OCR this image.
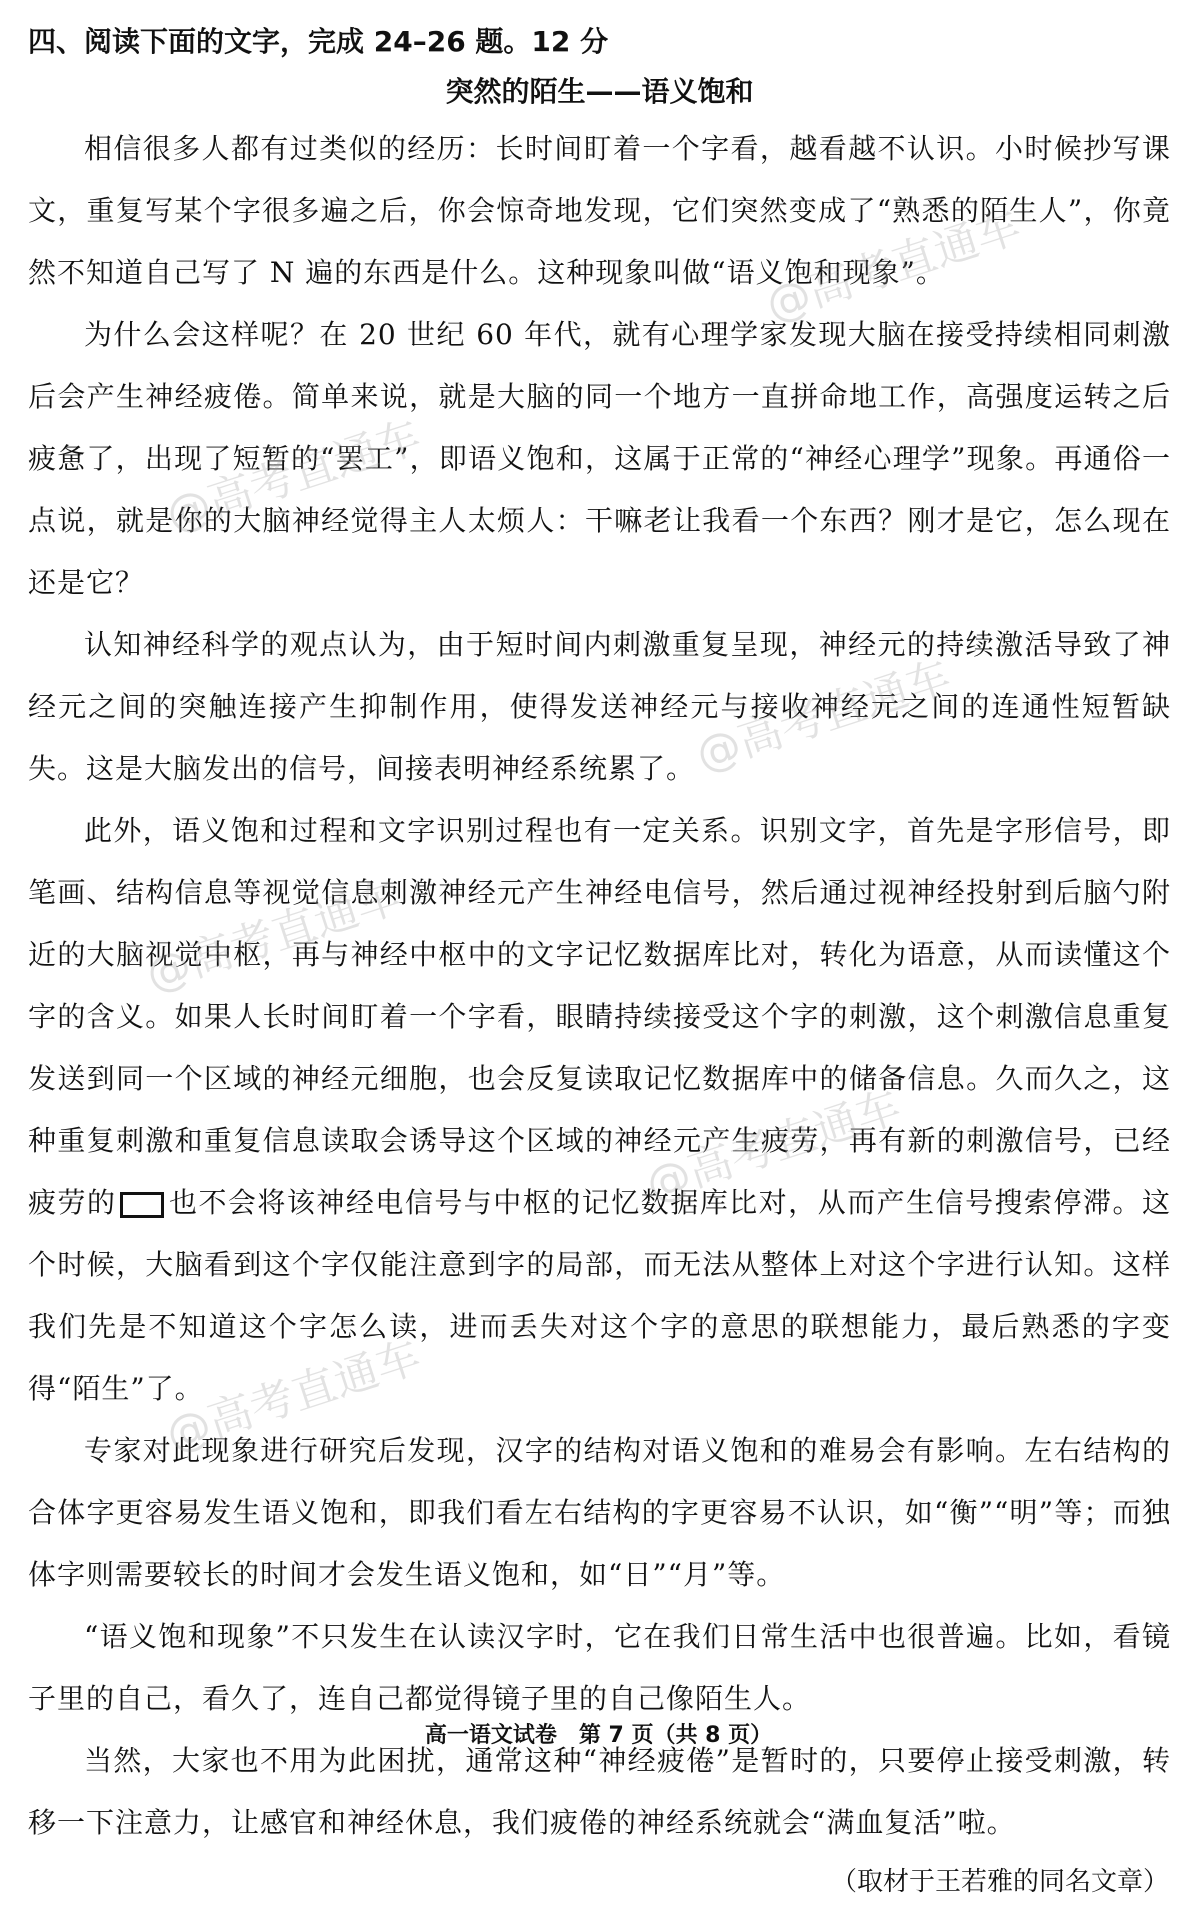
四、阅读下面的文字，完成 24–26 题。12 分

突然的陌生——语义饱和

相信很多人都有过类似的经历：长时间盯着一个字看，越看越不认识。小时候抄写课文，重复写某个字很多遍之后，你会惊奇地发现，它们突然变成了“熟悉的陌生人”，你竟然不知道自己写了 N 遍的东西是什么。这种现象叫做“语义饱和现象”。

为什么会这样呢？在 20 世纪 60 年代，就有心理学家发现大脑在接受持续相同刺激后会产生神经疲倦。简单来说，就是大脑的同一个地方一直拼命地工作，高强度运转之后疲惫了，出现了短暂的“罢工”，即语义饱和，这属于正常的“神经心理学”现象。再通俗一点说，就是你的大脑神经觉得主人太烦人：干嘛老让我看一个东西？刚才是它，怎么现在还是它？

认知神经科学的观点认为，由于短时间内刺激重复呈现，神经元的持续激活导致了神经元之间的突触连接产生抑制作用，使得发送神经元与接收神经元之间的连通性短暂缺失。这是大脑发出的信号，间接表明神经系统累了。

此外，语义饱和过程和文字识别过程也有一定关系。识别文字，首先是字形信号，即笔画、结构信息等视觉信息刺激神经元产生神经电信号，然后通过视神经投射到后脑勺附近的大脑视觉中枢，再与神经中枢中的文字记忆数据库比对，转化为语意，从而读懂这个字的含义。如果人长时间盯着一个字看，眼睛持续接受这个字的刺激，这个刺激信息重复发送到同一个区域的神经元细胞，也会反复读取记忆数据库中的储备信息。久而久之，这种重复刺激和重复信息读取会诱导这个区域的神经元产生疲劳，再有新的刺激信号，已经疲劳的 也不会将该神经电信号与中枢的记忆数据库比对，从而产生信号搜索停滞。这个时候，大脑看到这个字仅能注意到字的局部，而无法从整体上对这个字进行认知。这样我们先是不知道这个字怎么读，进而丢失对这个字的意思的联想能力，最后熟悉的字变得“陌生”了。

专家对此现象进行研究后发现，汉字的结构对语义饱和的难易会有影响。左右结构的合体字更容易发生语义饱和，即我们看左右结构的字更容易不认识，如“衡”“明”等；而独体字则需要较长的时间才会发生语义饱和，如“日”“月”等。

“语义饱和现象”不只发生在认读汉字时，它在我们日常生活中也很普遍。比如，看镜子里的自己，看久了，连自己都觉得镜子里的自己像陌生人。

当然，大家也不用为此困扰，通常这种“神经疲倦”是暂时的，只要停止接受刺激，转移一下注意力，让感官和神经休息，我们疲倦的神经系统就会“满血复活”啦。

（取材于王若雅的同名文章）

@高考直通车
@高考直通车
@高考直通车
@高考直通车
@高考直通车
@高考直通车
高一语文试卷　第 7 页（共 8 页）
